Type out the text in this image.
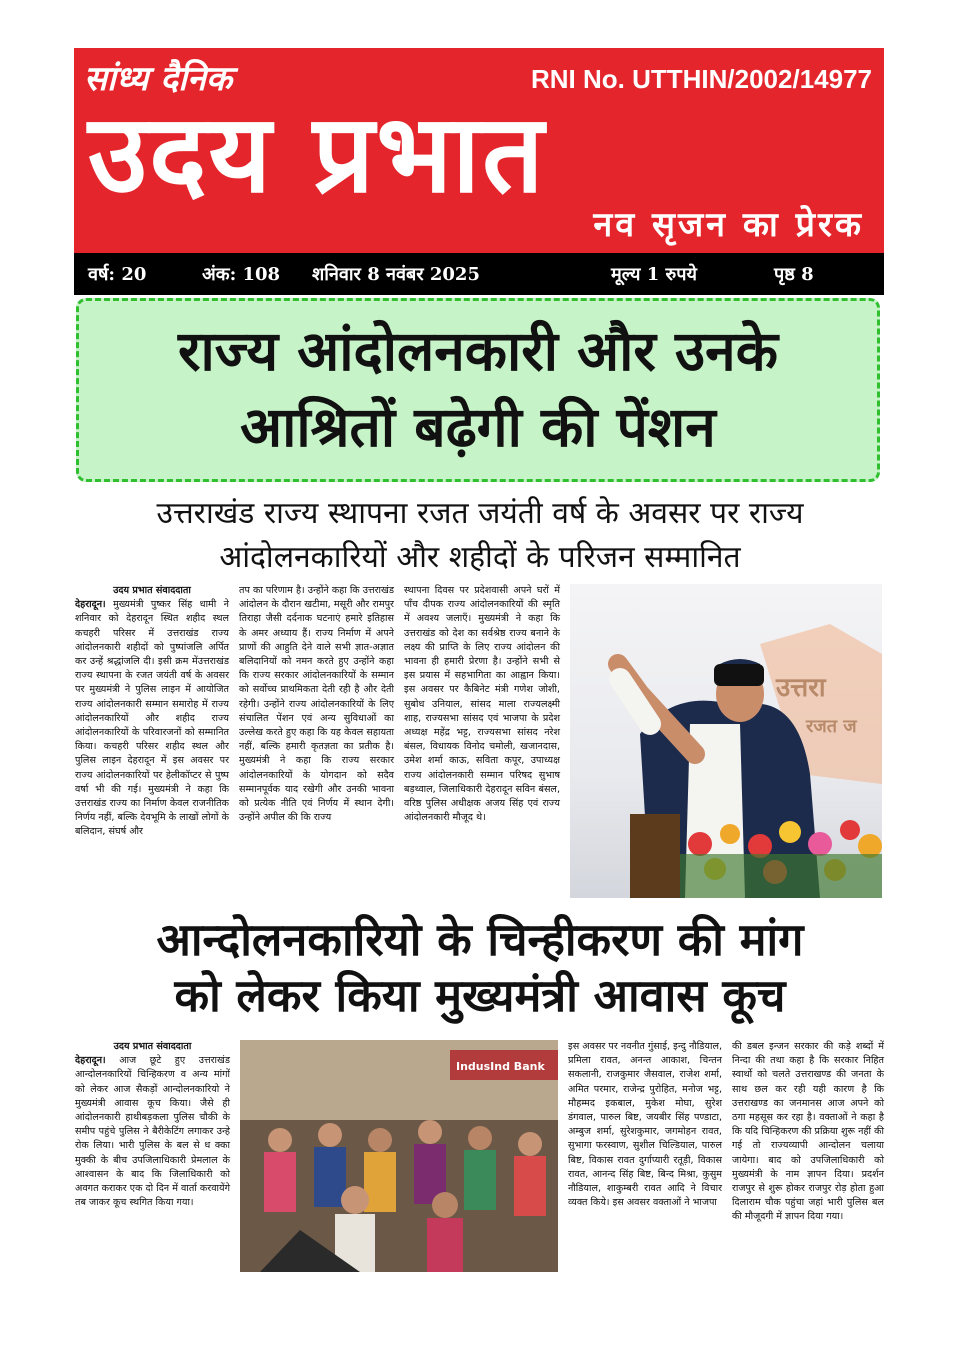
सांध्य दैनिक	RNI No. UTTHIN/2002/14977
उदय प्रभात
नव सृजन का प्रेरक
वर्ष: 20	अंक: 108 शनिवार 8 नवंबर 2025	मूल्य 1 रुपये	पृष्ठ 8
राज्य आंदोलनकारी और उनके
आश्रितों बढ़ेगी की पेंशन
उत्तराखंड राज्य स्थापना रजत जयंती वर्ष के अवसर पर राज्य
आंदोलनकारियों और शहीदों के परिजन सम्मानित
उदय प्रभात संवाददाता
देहरादून। मुख्यमंत्री पुष्कर सिंह धामी ने शनिवार को देहरादून स्थित शहीद स्थल कचहरी परिसर में उत्तराखंड राज्य आंदोलनकारी शहीदों को पुष्पांजलि अर्पित कर उन्हें श्रद्धांजलि दी। इसी क्रम मेंउत्तराखंड राज्य स्थापना के रजत जयंती वर्ष के अवसर पर मुख्यमंत्री ने पुलिस लाइन में आयोजित राज्य आंदोलनकारी सम्मान समारोह में राज्य आंदोलनकारियों और शहीद राज्य आंदोलनकारियों के परिवारजनों को सम्मानित किया। कचहरी परिसर शहीद स्थल और पुलिस लाइन देहरादून में इस अवसर पर राज्य आंदोलनकारियों पर हेलीकॉप्टर से पुष्प वर्षा भी की गई। मुख्यमंत्री ने कहा कि उत्तराखंड राज्य का निर्माण केवल राजनीतिक निर्णय नहीं, बल्कि देवभूमि के लाखों लोगों के बलिदान, संघर्ष और
तप का परिणाम है। उन्होंने कहा कि उत्तराखंड आंदोलन के दौरान खटीमा, मसूरी और रामपुर तिराहा जैसी दर्दनाक घटनाएं हमारे इतिहास के अमर अध्याय हैं। राज्य निर्माण में अपने प्राणों की आहुति देने वाले सभी ज्ञात-अज्ञात बलिदानियों को नमन करते हुए उन्होंने कहा कि राज्य सरकार आंदोलनकारियों के सम्मान को सर्वोच्च प्राथमिकता देती रही है और देती रहेगी। उन्होंने राज्य आंदोलनकारियों के लिए संचालित पेंशन एवं अन्य सुविधाओं का उल्लेख करते हुए कहा कि यह केवल सहायता नहीं, बल्कि हमारी कृतज्ञता का प्रतीक है। मुख्यमंत्री ने कहा कि राज्य सरकार आंदोलनकारियों के योगदान को सदैव सम्मानपूर्वक याद रखेगी और उनकी भावना को प्रत्येक नीति एवं निर्णय में स्थान देगी। उन्होंने अपील की कि राज्य
स्थापना दिवस पर प्रदेशवासी अपने घरों में पाँच दीपक राज्य आंदोलनकारियों की स्मृति में अवश्य जलाएँ। मुख्यमंत्री ने कहा कि उत्तराखंड को देश का सर्वश्रेष्ठ राज्य बनाने के लक्ष्य की प्राप्ति के लिए राज्य आंदोलन की भावना ही हमारी प्रेरणा है। उन्होंने सभी से इस प्रयास में सहभागिता का आह्वान किया। इस अवसर पर कैबिनेट मंत्री गणेश जोशी, सुबोध उनियाल, सांसद माला राज्यलक्ष्मी शाह, राज्यसभा सांसद एवं भाजपा के प्रदेश अध्यक्ष महेंद्र भट्ट, राज्यसभा सांसद नरेश बंसल, विधायक विनोद चमोली, खजानदास, उमेश शर्मा काऊ, सविता कपूर, उपाध्यक्ष राज्य आंदोलनकारी सम्मान परिषद सुभाष बड़थ्वाल, जिलाधिकारी देहरादून सविन बंसल, वरिष्ठ पुलिस अधीक्षक अजय सिंह एवं राज्य आंदोलनकारी मौजूद थे।
उत्तरा
रजत ज
आन्दोलनकारियो के चिन्हीकरण की मांग
को लेकर किया मुख्यमंत्री आवास कूच
उदय प्रभात संवाददाता
देहरादून। आज छूटे हुए उत्तराखंड आन्दोलनकारियों चिन्हिकरण व अन्य मांगों को लेकर आज सैकड़ों आन्दोलनकारियो ने मुख्यमंत्री आवास कूच किया। जैसे ही आंदोलनकारी हाथीबड़कला पुलिस चौकी के समीप पहुंचे पुलिस ने बैरीकेटिंग लगाकर उन्हे रोक लिया। भारी पुलिस के बल से ध क्का मुक्की के बीच उपजिलाधिकारी प्रेमलाल के आश्वासन के बाद कि जिलाधिकारी को अवगत कराकर एक दो दिन में वार्ता करवायेंगे तब जाकर कूच स्थगित किया गया।
IndusInd Bank
इस अवसर पर नवनीत गुंसाई, इन्दु नौडियाल, प्रमिला रावत, अनन्त आकाश, चिन्तन सकलानी, राजकुमार जैसवाल, राजेश शर्मा, अमित परमार, राजेन्द्र पुरोहित, मनोज भट्ट, मौहम्मद इकबाल, मुकेश मोघा, सुरेश डंगवाल, पारुल बिष्ट, जयबीर सिंह पण्डाटा, अम्बुज शर्मा, सुरेशकुमार, जगमोहन रावत, सुभागा फरस्वाण, सुशील चिल्डियाल, पारुल बिष्ट, विकास रावत दुर्गाप्यारी रतूड़ी, विकास रावत, आनन्द सिंह बिष्ट, बिन्द मिश्रा, कुसुम नौडियाल, शाकुम्बरी रावत आदि ने विचार व्यक्त किये। इस अवसर वक्ताओं ने भाजपा
की डबल इन्जन सरकार की कड़े शब्दों में निन्दा की तथा कहा है कि सरकार निहित स्वार्थो को चलते उत्तराखण्ड की जनता के साथ छल कर रही यही कारण है कि उत्तराखण्ड का जनमानस आज अपने को ठगा महसूस कर रहा है। वक्ताओं ने कहा है कि यदि चिन्हिकरण की प्रक्रिया शुरू नहीं की गई तो राज्यव्यापी आन्दोलन चलाया जायेगा। बाद को उपजिलाधिकारी को मुख्यमंत्री के नाम ज्ञापन दिया। प्रदर्शन राजपुर से शुरू होकर राजपुर रोड़ होता हुआ दिलाराम चौक पहुंचा जहां भारी पुलिस बल की मौजूदगी में ज्ञापन दिया गया।
